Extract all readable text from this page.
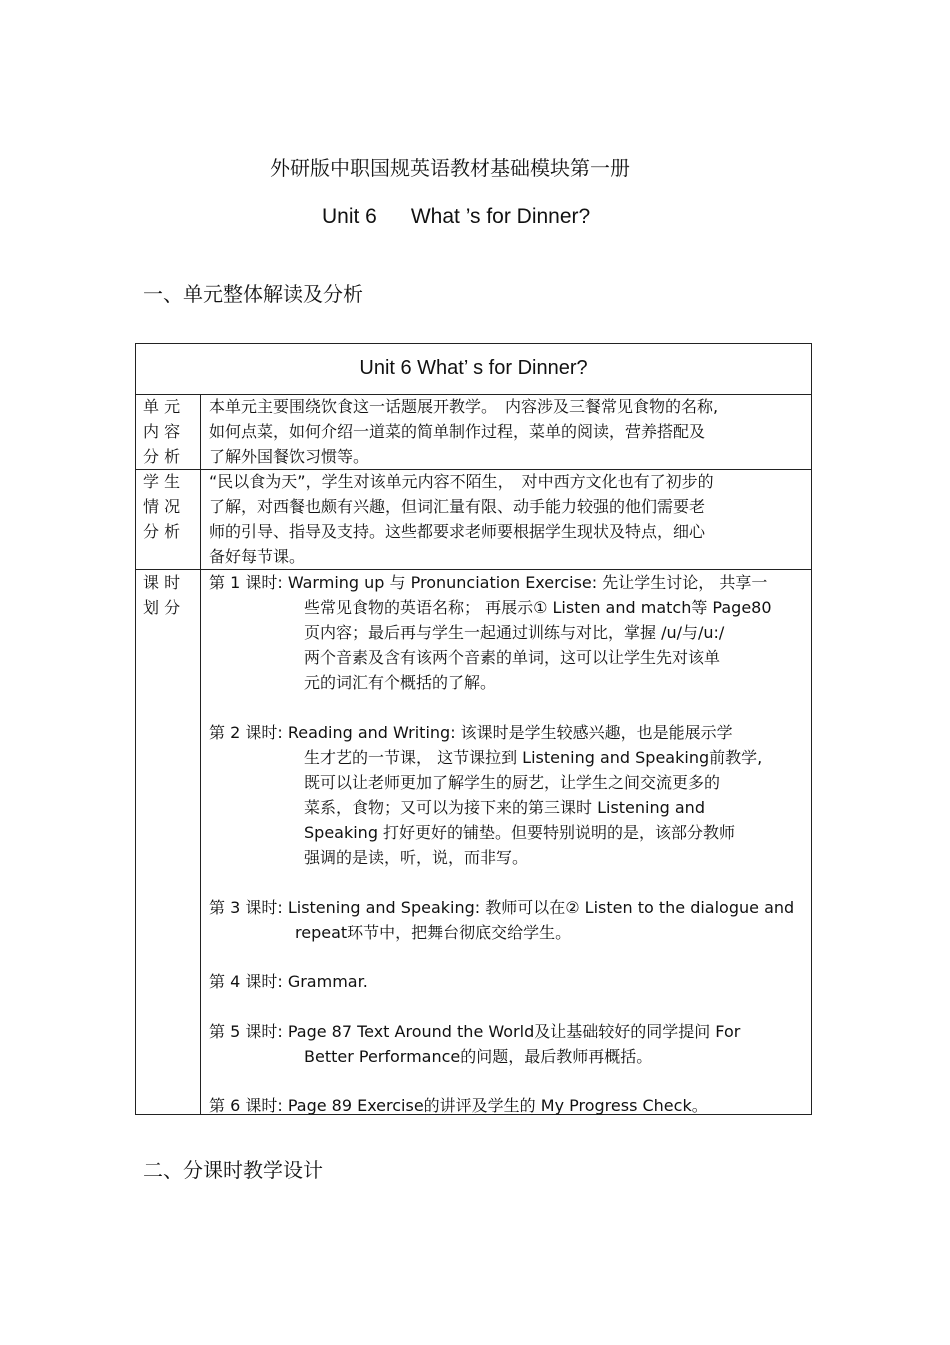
外研版中职国规英语教材基础模块第一册
Unit 6 What ’s for Dinner?
一、单元整体解读及分析
Unit 6 What’ s for Dinner?
单 元
内 容
分 析
本单元主要围绕饮食这一话题展开教学。　内容涉及三餐常见食物的名称,
如何点菜，如何介绍一道菜的简单制作过程，菜单的阅读，营养搭配及
了解外国餐饮习惯等。
学 生
情 况
分 析
“民以食为天”，学生对该单元内容不陌生，　对中西方文化也有了初步的
了解，对西餐也颇有兴趣，但词汇量有限、动手能力较强的他们需要老
师的引导、指导及支持。这些都要求老师要根据学生现状及特点，细心
备好每节课。
课 时
划 分
第 1 课时: Warming up 与 Pronunciation Exercise: 先让学生讨论， 共享一
些常见食物的英语名称； 再展示① Listen and match等 Page80
页内容；最后再与学生一起通过训练与对比，掌握 /u/与/u:/
两个音素及含有该两个音素的单词，这可以让学生先对该单
元的词汇有个概括的了解。
第 2 课时: Reading and Writing: 该课时是学生较感兴趣，也是能展示学
生才艺的一节课， 这节课拉到 Listening and Speaking前教学,
既可以让老师更加了解学生的厨艺，让学生之间交流更多的
菜系，食物；又可以为接下来的第三课时 Listening and
Speaking 打好更好的铺垫。但要特别说明的是，该部分教师
强调的是读，听，说，而非写。
第 3 课时: Listening and Speaking: 教师可以在② Listen to the dialogue and
repeat环节中，把舞台彻底交给学生。
第 4 课时: Grammar.
第 5 课时: Page 87 Text Around the World及让基础较好的同学提问 For
Better Performance的问题，最后教师再概括。
第 6 课时: Page 89 Exercise的讲评及学生的 My Progress Check。
二、分课时教学设计
